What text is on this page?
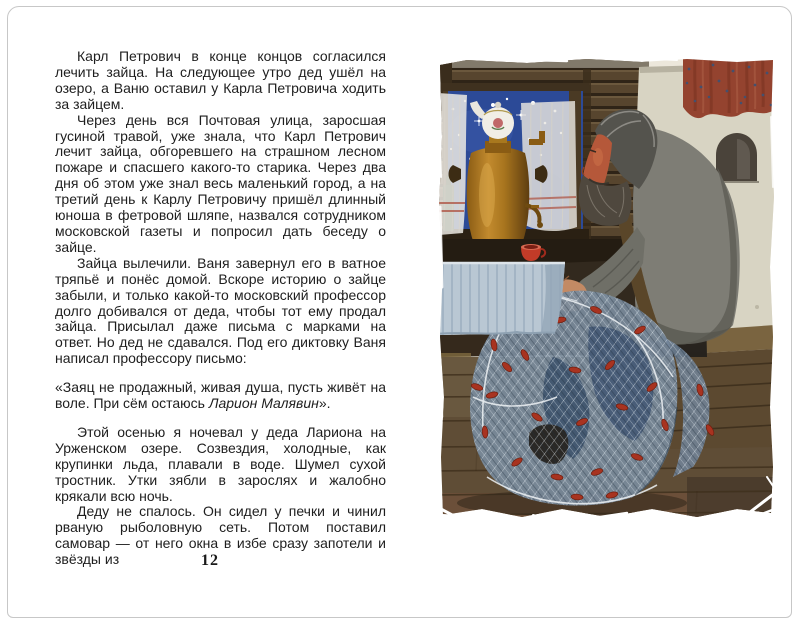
Карл Петрович в конце концов согласился лечить зайца. На следующее утро дед ушёл на озеро, а Ваню оставил у Карла Петровича ходить за зайцем.

Через день вся Почтовая улица, заросшая гусиной травой, уже знала, что Карл Петрович лечит зайца, обгоревшего на страшном лесном пожаре и спасшего какого-то старика. Через два дня об этом уже знал весь маленький город, а на третий день к Карлу Петровичу пришёл длинный юноша в фетровой шляпе, назвался сотрудником московской газеты и попросил дать беседу о зайце.

Зайца вылечили. Ваня завернул его в ватное тряпьё и понёс домой. Вскоре историю о зайце забыли, и только какой-то московский профессор долго добивался от деда, чтобы тот ему продал зайца. Присылал даже письма с марками на ответ. Но дед не сдавался. Под его диктовку Ваня написал профессору письмо:

«Заяц не продажный, живая душа, пусть живёт на воле. При сём остаюсь Ларион Малявин».

Этой осенью я ночевал у деда Лариона на Урженском озере. Созвездия, холодные, как крупинки льда, плавали в воде. Шумел сухой тростник. Утки зябли в зарослях и жалобно крякали всю ночь.

Деду не спалось. Он сидел у печки и чинил рваную рыболовную сеть. Потом поставил самовар — от него окна в избе сразу запотели и звёзды из	12
